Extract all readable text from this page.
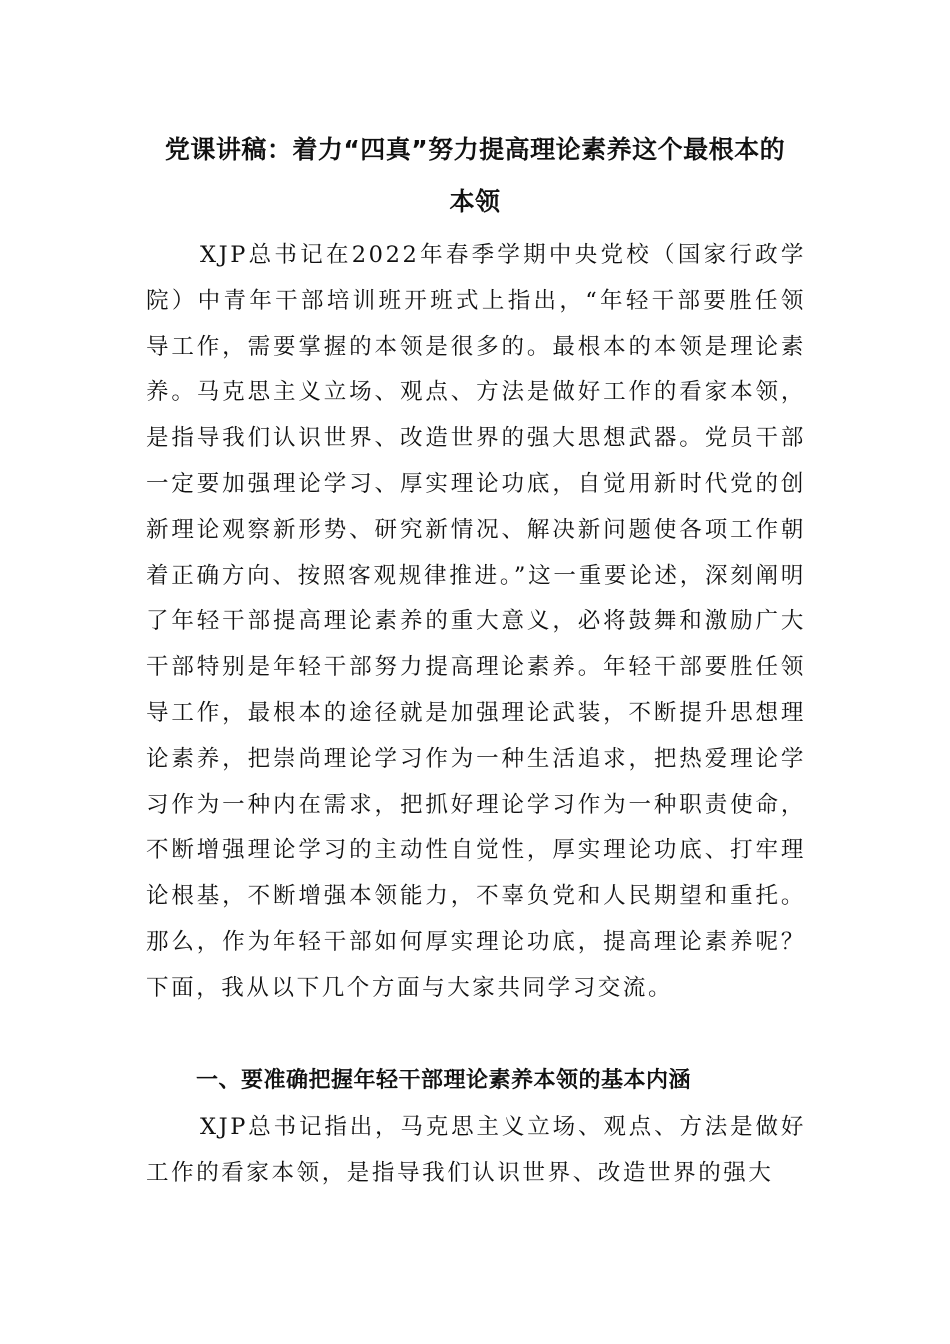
党课讲稿：着力“四真”努力提高理论素养这个最根本的
本领

XJP总书记在2022年春季学期中央党校（国家行政学院）中青年干部培训班开班式上指出，“年轻干部要胜任领导工作，需要掌握的本领是很多的。最根本的本领是理论素养。马克思主义立场、观点、方法是做好工作的看家本领，是指导我们认识世界、改造世界的强大思想武器。党员干部一定要加强理论学习、厚实理论功底，自觉用新时代党的创新理论观察新形势、研究新情况、解决新问题使各项工作朝着正确方向、按照客观规律推进。”这一重要论述，深刻阐明了年轻干部提高理论素养的重大意义，必将鼓舞和激励广大干部特别是年轻干部努力提高理论素养。年轻干部要胜任领导工作，最根本的途径就是加强理论武装，不断提升思想理论素养，把崇尚理论学习作为一种生活追求，把热爱理论学习作为一种内在需求，把抓好理论学习作为一种职责使命，不断增强理论学习的主动性自觉性，厚实理论功底、打牢理论根基，不断增强本领能力，不辜负党和人民期望和重托。那么，作为年轻干部如何厚实理论功底，提高理论素养呢？下面，我从以下几个方面与大家共同学习交流。

一、要准确把握年轻干部理论素养本领的基本内涵

XJP总书记指出，马克思主义立场、观点、方法是做好工作的看家本领，是指导我们认识世界、改造世界的强大
